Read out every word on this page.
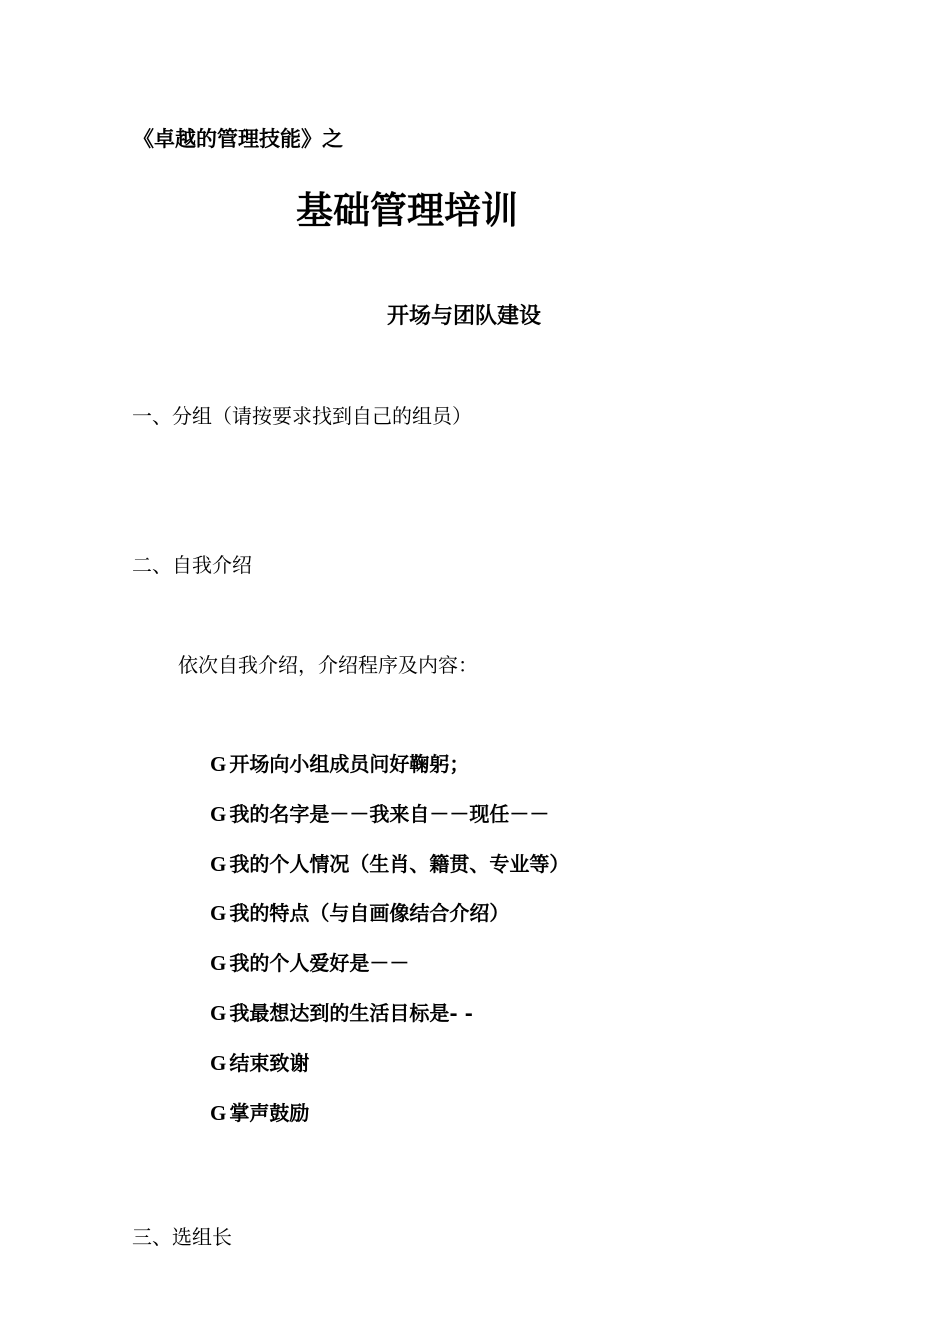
《卓越的管理技能》之
基础管理培训
开场与团队建设
一、分组（请按要求找到自己的组员）
二、自我介绍
依次自我介绍，介绍程序及内容：
G 开场向小组成员问好鞠躬；
G 我的名字是－－我来自－－现任－－
G 我的个人情况（生肖、籍贯、专业等）
G 我的特点（与自画像结合介绍）
G 我的个人爱好是－－
G 我最想达到的生活目标是- -
G 结束致谢
G 掌声鼓励
三、选组长
